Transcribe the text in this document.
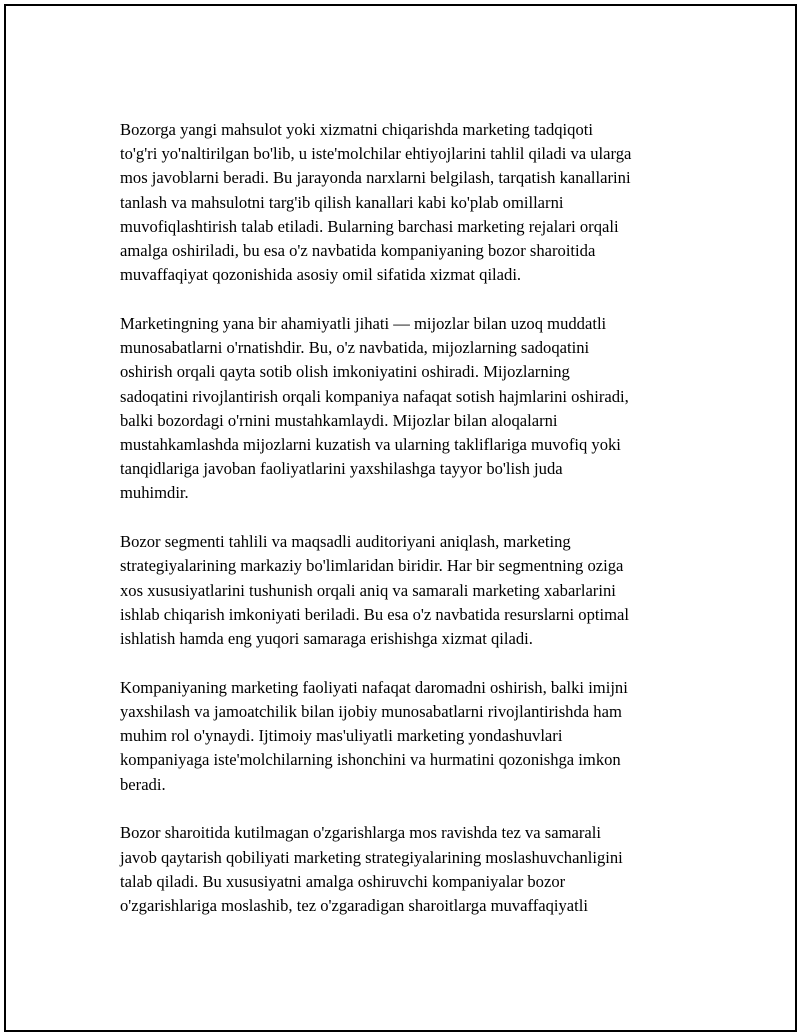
Bozorga yangi mahsulot yoki xizmatni chiqarishda marketing tadqiqoti
to'g'ri yo'naltirilgan bo'lib, u iste'molchilar ehtiyojlarini tahlil qiladi va ularga
mos javoblarni beradi. Bu jarayonda narxlarni belgilash, tarqatish kanallarini
tanlash va mahsulotni targ'ib qilish kanallari kabi ko'plab omillarni
muvofiqlashtirish talab etiladi. Bularning barchasi marketing rejalari orqali
amalga oshiriladi, bu esa o'z navbatida kompaniyaning bozor sharoitida
muvaffaqiyat qozonishida asosiy omil sifatida xizmat qiladi.

Marketingning yana bir ahamiyatli jihati — mijozlar bilan uzoq muddatli
munosabatlarni o'rnatishdir. Bu, o'z navbatida, mijozlarning sadoqatini
oshirish orqali qayta sotib olish imkoniyatini oshiradi. Mijozlarning
sadoqatini rivojlantirish orqali kompaniya nafaqat sotish hajmlarini oshiradi,
balki bozordagi o'rnini mustahkamlaydi. Mijozlar bilan aloqalarni
mustahkamlashda mijozlarni kuzatish va ularning takliflariga muvofiq yoki
tanqidlariga javoban faoliyatlarini yaxshilashga tayyor bo'lish juda
muhimdir.

Bozor segmenti tahlili va maqsadli auditoriyani aniqlash, marketing
strategiyalarining markaziy bo'limlaridan biridir. Har bir segmentning oziga
xos xususiyatlarini tushunish orqali aniq va samarali marketing xabarlarini
ishlab chiqarish imkoniyati beriladi. Bu esa o'z navbatida resurslarni optimal
ishlatish hamda eng yuqori samaraga erishishga xizmat qiladi.

Kompaniyaning marketing faoliyati nafaqat daromadni oshirish, balki imijni
yaxshilash va jamoatchilik bilan ijobiy munosabatlarni rivojlantirishda ham
muhim rol o'ynaydi. Ijtimoiy mas'uliyatli marketing yondashuvlari
kompaniyaga iste'molchilarning ishonchini va hurmatini qozonishga imkon
beradi.

Bozor sharoitida kutilmagan o'zgarishlarga mos ravishda tez va samarali
javob qaytarish qobiliyati marketing strategiyalarining moslashuvchanligini
talab qiladi. Bu xususiyatni amalga oshiruvchi kompaniyalar bozor
o'zgarishlariga moslashib, tez o'zgaradigan sharoitlarga muvaffaqiyatli
